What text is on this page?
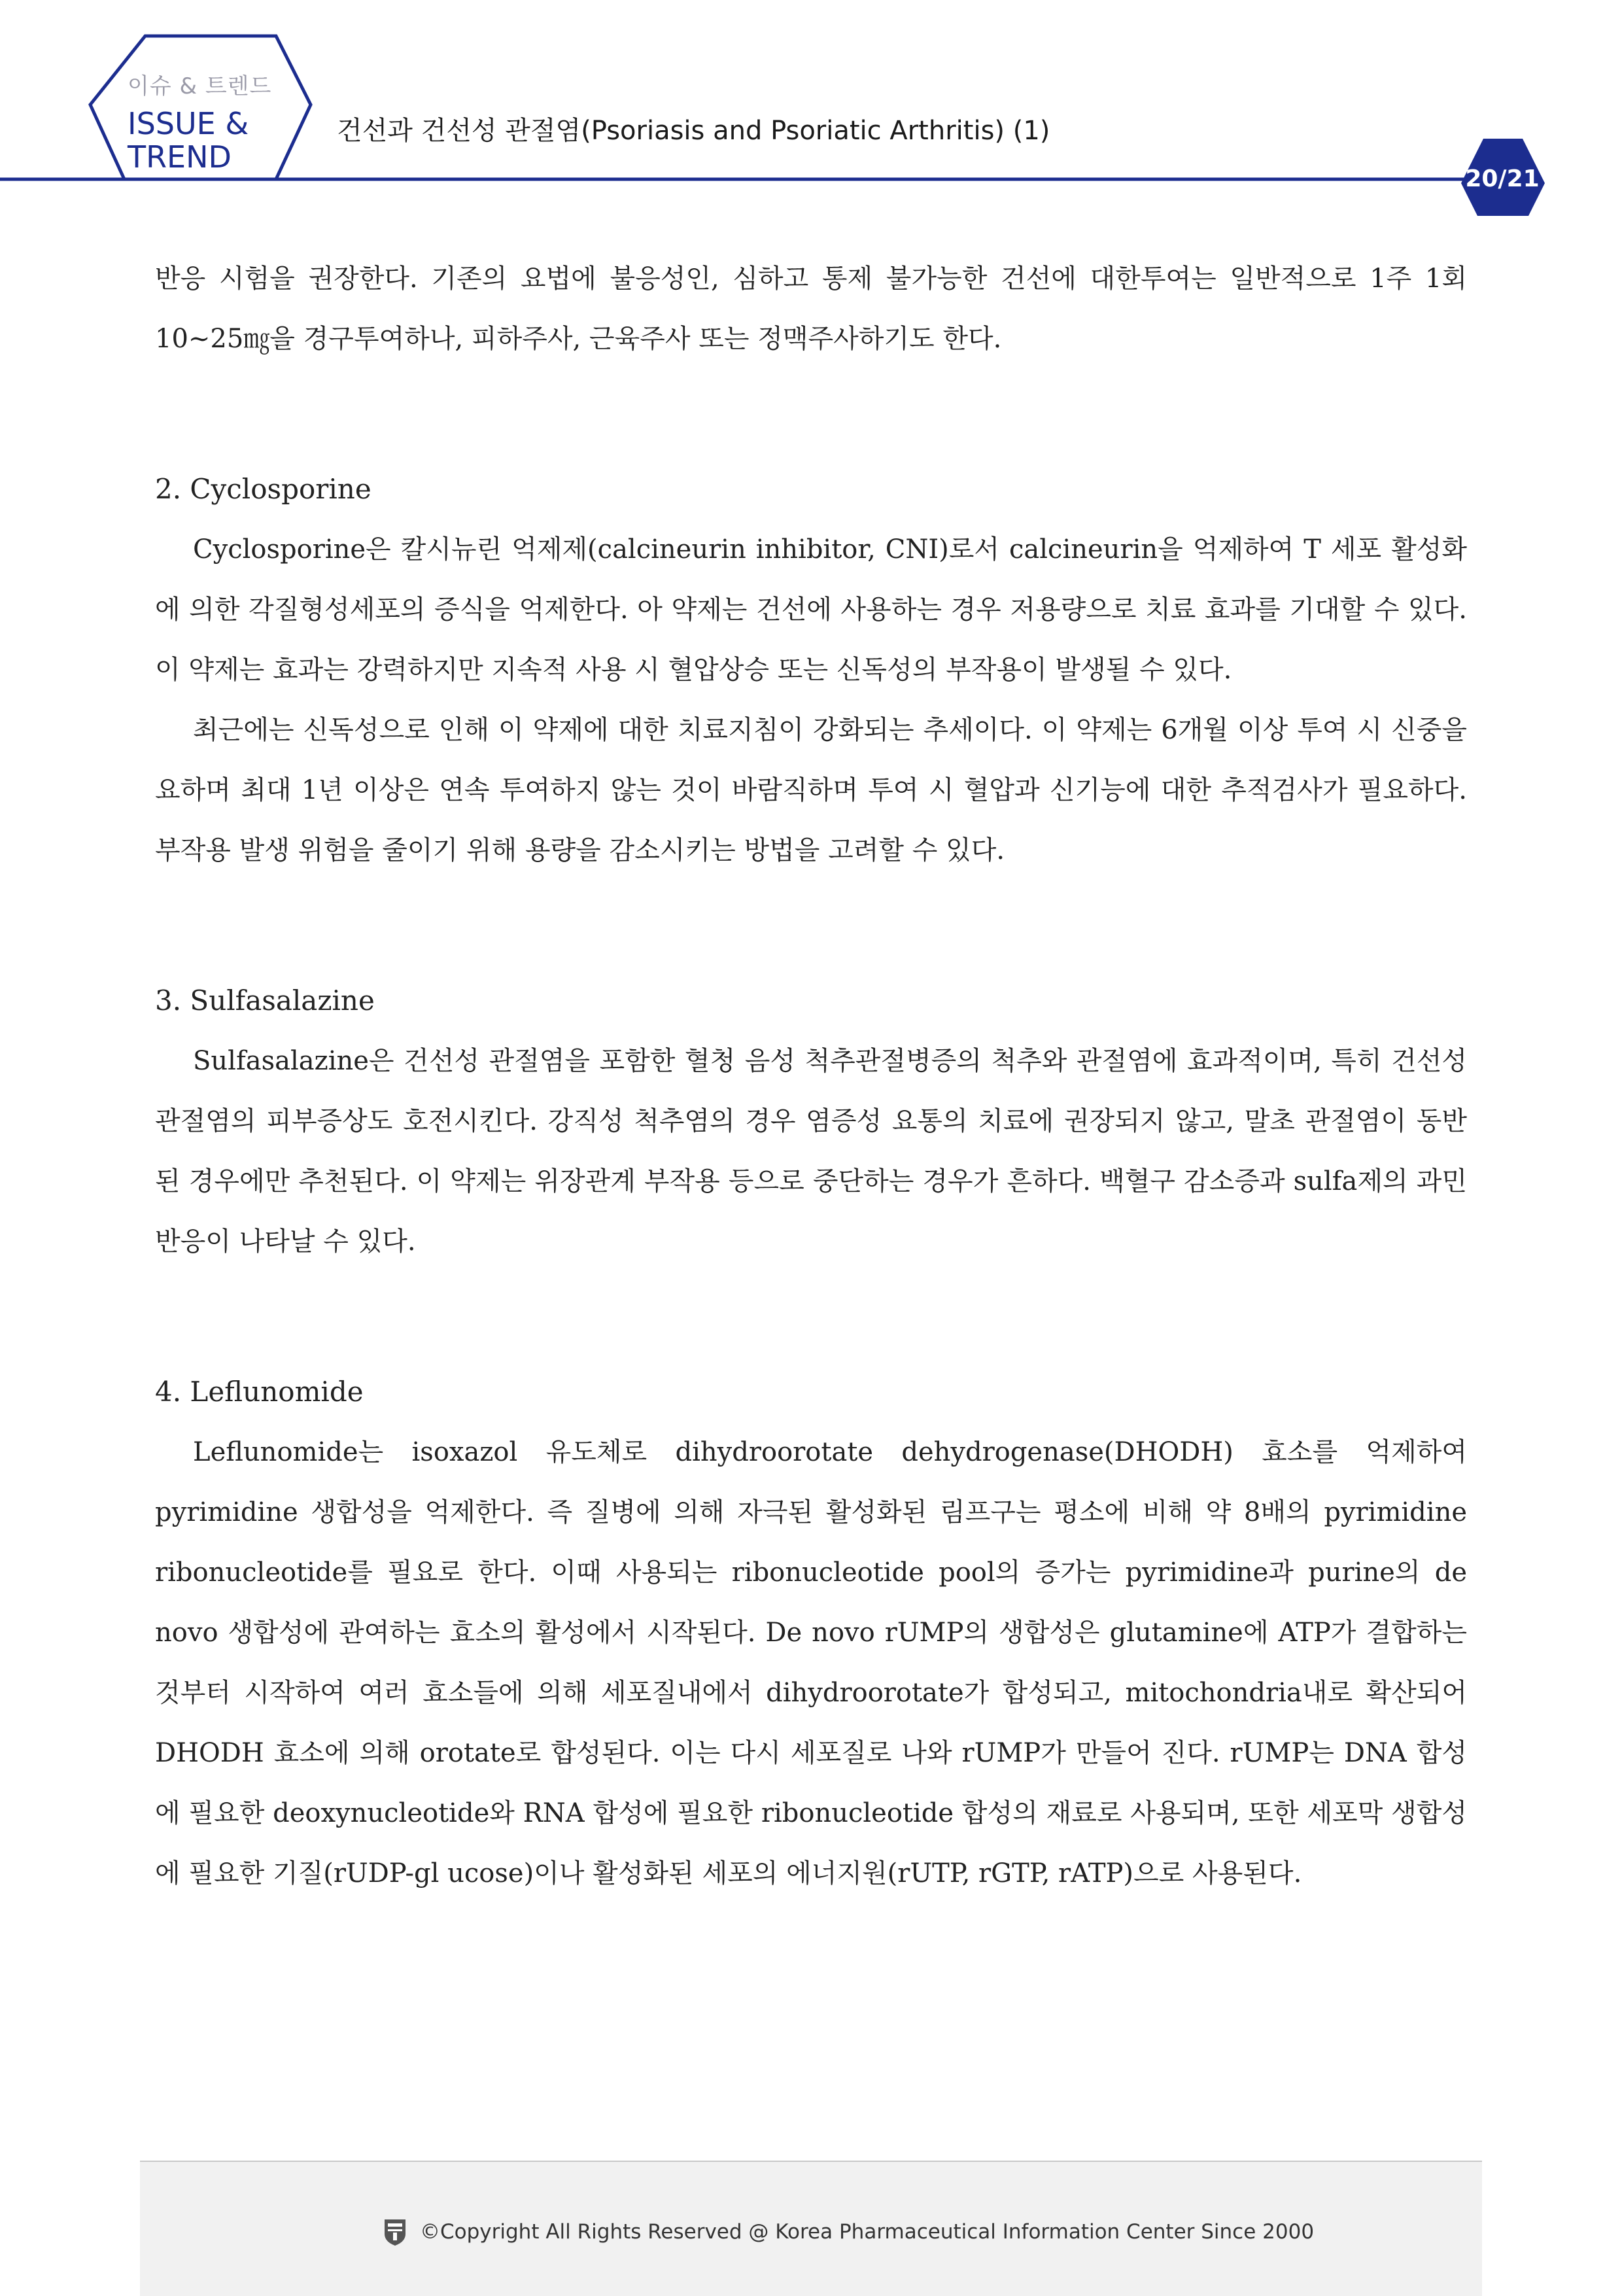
이슈 & 트렌드
ISSUE &
TREND
건선과 건선성 관절염(Psoriasis and Psoriatic Arthritis) (1)
20/21

반응 시험을 권장한다. 기존의 요법에 불응성인, 심하고 통제 불가능한 건선에 대한투여는 일반적으로 1주 1회 10~25㎎을 경구투여하나, 피하주사, 근육주사 또는 정맥주사하기도 한다.

2. Cyclosporine

Cyclosporine은 칼시뉴린 억제제(calcineurin inhibitor, CNI)로서 calcineurin을 억제하여 T 세포 활성화에 의한 각질형성세포의 증식을 억제한다. 아 약제는 건선에 사용하는 경우 저용량으로 치료 효과를 기대할 수 있다. 이 약제는 효과는 강력하지만 지속적 사용 시 혈압상승 또는 신독성의 부작용이 발생될 수 있다.

최근에는 신독성으로 인해 이 약제에 대한 치료지침이 강화되는 추세이다. 이 약제는 6개월 이상 투여 시 신중을 요하며 최대 1년 이상은 연속 투여하지 않는 것이 바람직하며 투여 시 혈압과 신기능에 대한 추적검사가 필요하다. 부작용 발생 위험을 줄이기 위해 용량을 감소시키는 방법을 고려할 수 있다.

3. Sulfasalazine

Sulfasalazine은 건선성 관절염을 포함한 혈청 음성 척추관절병증의 척추와 관절염에 효과적이며, 특히 건선성 관절염의 피부증상도 호전시킨다. 강직성 척추염의 경우 염증성 요통의 치료에 권장되지 않고, 말초 관절염이 동반된 경우에만 추천된다. 이 약제는 위장관계 부작용 등으로 중단하는 경우가 흔하다. 백혈구 감소증과 sulfa제의 과민반응이 나타날 수 있다.

4. Leflunomide

Leflunomide는 isoxazol 유도체로 dihydroorotate dehydrogenase(DHODH) 효소를 억제하여 pyrimidine 생합성을 억제한다. 즉 질병에 의해 자극된 활성화된 림프구는 평소에 비해 약 8배의 pyrimidine ribonucleotide를 필요로 한다. 이때 사용되는 ribonucleotide pool의 증가는 pyrimidine과 purine의 de novo 생합성에 관여하는 효소의 활성에서 시작된다. De novo rUMP의 생합성은 glutamine에 ATP가 결합하는 것부터 시작하여 여러 효소들에 의해 세포질내에서 dihydroorotate가 합성되고, mitochondria내로 확산되어 DHODH 효소에 의해 orotate로 합성된다. 이는 다시 세포질로 나와 rUMP가 만들어 진다. rUMP는 DNA 합성에 필요한 deoxynucleotide와 RNA 합성에 필요한 ribonucleotide 합성의 재료로 사용되며, 또한 세포막 생합성에 필요한 기질(rUDP-gl ucose)이나 활성화된 세포의 에너지원(rUTP, rGTP, rATP)으로 사용된다.

©Copyright All Rights Reserved @ Korea Pharmaceutical Information Center Since 2000
